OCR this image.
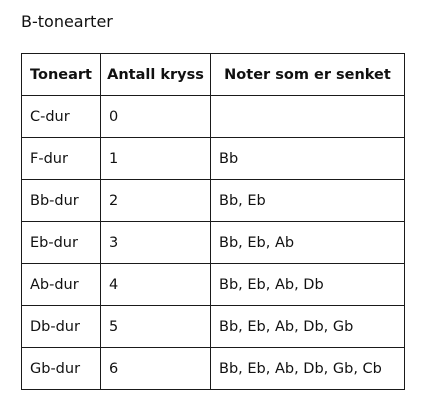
B-tonearter
Toneart	Antall kryss	Noter som er senket
C-dur	0	
F-dur	1	Bb
Bb-dur	2	Bb, Eb
Eb-dur	3	Bb, Eb, Ab
Ab-dur	4	Bb, Eb, Ab, Db
Db-dur	5	Bb, Eb, Ab, Db, Gb
Gb-dur	6	Bb, Eb, Ab, Db, Gb, Cb
